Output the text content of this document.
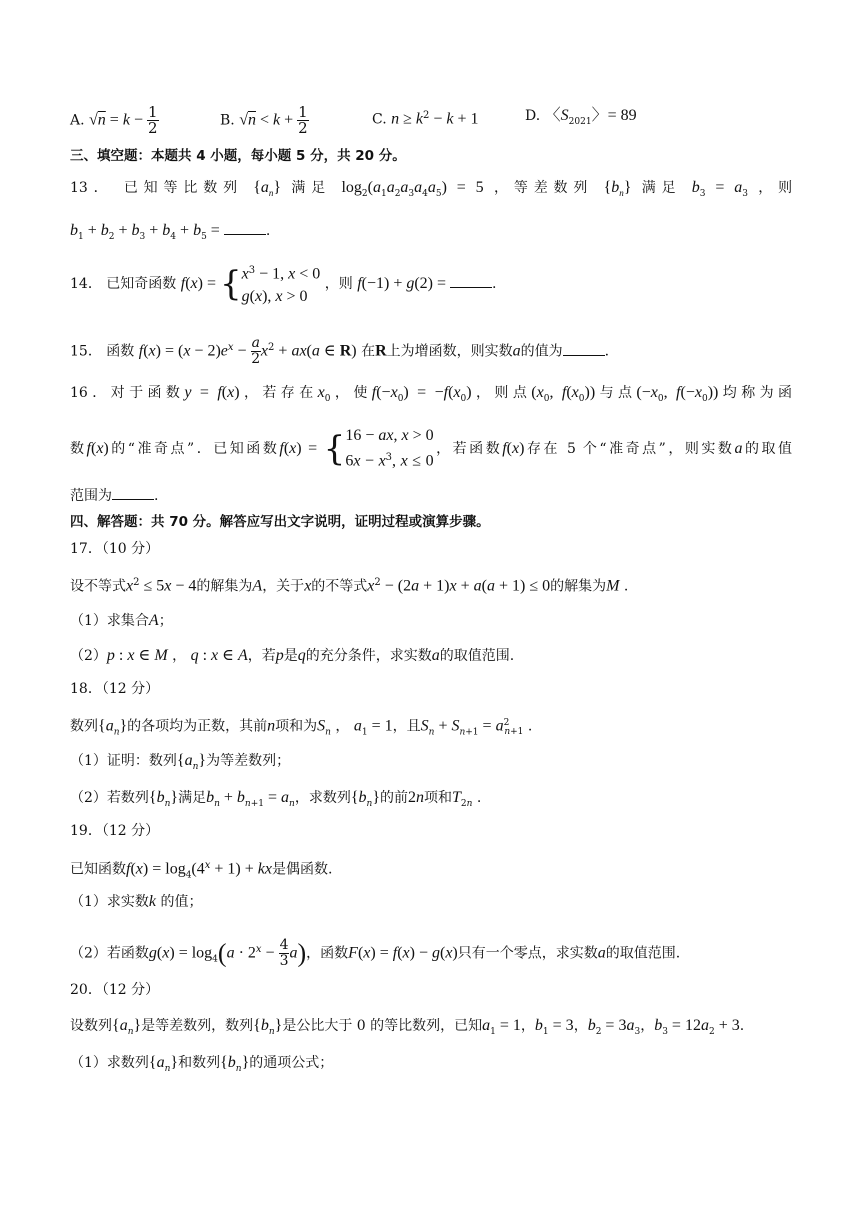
A. $√n = k - \frac{1}{2}$	B. $√n < k + \frac{1}{2}$	C. $n \ge k^2 - k + 1$	D. 〈$S_{2021}$〉= 89
三、填空题：本题共 4 小题，每小题 5 分，共 20 分。
13． 已知等比数列 $\{a_n\}$ 满足 $\log_2(a_1a_2a_3a_4a_5) = 5$ ，等差数列 $\{b_n\}$ 满足 $b_3 = a_3$ ，则
$b_1 + b_2 + b_3 + b_4 + b_5$ =	.
14． 已知奇函数 f(x) = { $x^3 - 1$, x < 0
g(x), x > 0
，则 f(−1) + g(2) =	.
15． 函数 $f(x) = (x - 2)e^x - \frac{a}{2} x^2 + ax(a$ ∈ R) 在R上为增函数，则实数a的值为	.
16．对于函数y = f(x)，若存在$x_0$，使$f(-x_0) = -f(x_0)$，则点($x_0$, $f(x_0)$)与点($-x_0$, $f(-x_0)$)均称为函
数f(x)的“准奇点”．已知函数f(x) = { 16 − ax, x > 0
$6x - x^3$, x ≤ 0
，若函数f(x)存在 5 个“准奇点”，则实数a的取值
范围为	.
四、解答题：共 70 分。解答应写出文字说明，证明过程或演算步骤。
17．（10 分）
设不等式$x^2 \le 5x - 4$的解集为A，关于x的不等式$x^2 - (2a + 1)x + a(a + 1) \le 0$的解集为M .
（1）求集合A；
（2）p : x ∈ M ， q : x ∈ A，若p是q的充分条件，求实数a的取值范围.
18．（12 分）
数列$\{a_n\}$的各项均为正数，其前n项和为$S_n$ ， $a_1 = 1$，且$S_n + S_{n+1} = a^2_{n+1}$ .
（1）证明：数列$\{a_n\}$为等差数列；
（2）若数列$\{b_n\}$满足$b_n + b_{n+1} = a_n$，求数列$\{b_n\}$的前2n项和$T_{2n}$ .
19．（12 分）
已知函数$f(x) = \log_4(4^x + 1)$ + kx是偶函数.
（1）求实数k 的值；
（2）若函数$g(x) = \log_4(a \cdot 2^x - \frac{4}{3} a)$，函数F(x) = f(x) − g(x)只有一个零点，求实数a的取值范围.
20．（12 分）
设数列$\{a_n\}$是等差数列，数列$\{b_n\}$是公比大于 0 的等比数列，已知$a_1 = 1$，$b_1 = 3$，$b_2 = 3a_3$，$b_3 = 12a_2 + 3$.
（1）求数列$\{a_n\}$和数列$\{b_n\}$的通项公式；
